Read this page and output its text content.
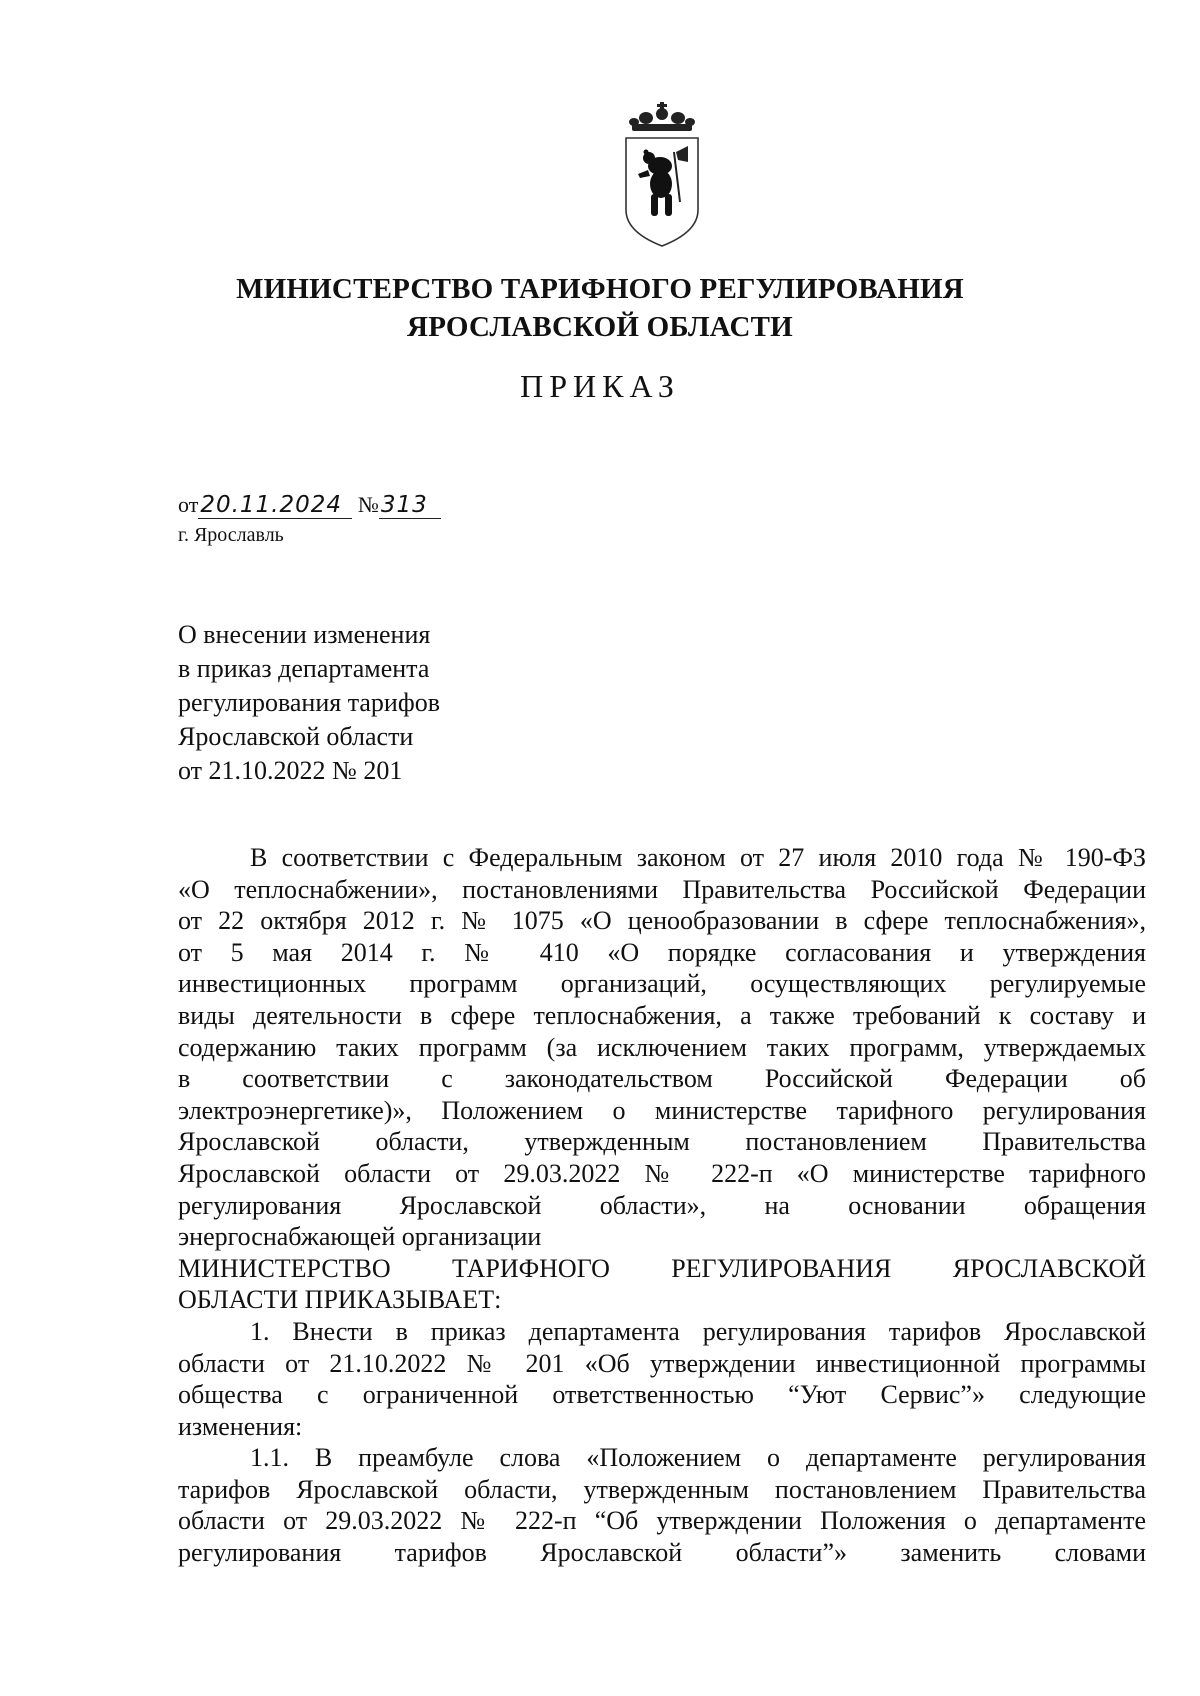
МИНИСТЕРСТВО ТАРИФНОГО РЕГУЛИРОВАНИЯ
ЯРОСЛАВСКОЙ ОБЛАСТИ
ПРИКАЗ
от20.11.2024 №313
г. Ярославль
О внесении изменения
в приказ департамента
регулирования тарифов
Ярославской области
от 21.10.2022 № 201
В соответствии с Федеральным законом от 27 июля 2010 года № 190-ФЗ
«О теплоснабжении», постановлениями Правительства Российской Федерации
от 22 октября 2012 г. № 1075 «О ценообразовании в сфере теплоснабжения»,
от 5 мая 2014 г. № 410 «О порядке согласования и утверждения
инвестиционных программ организаций, осуществляющих регулируемые
виды деятельности в сфере теплоснабжения, а также требований к составу и
содержанию таких программ (за исключением таких программ, утверждаемых
в соответствии с законодательством Российской Федерации об
электроэнергетике)», Положением о министерстве тарифного регулирования
Ярославской области, утвержденным постановлением Правительства
Ярославской области от 29.03.2022 № 222-п «О министерстве тарифного
регулирования Ярославской области», на основании обращения
энергоснабжающей организации
МИНИСТЕРСТВО ТАРИФНОГО РЕГУЛИРОВАНИЯ ЯРОСЛАВСКОЙ
ОБЛАСТИ ПРИКАЗЫВАЕТ:
1. Внести в приказ департамента регулирования тарифов Ярославской
области от 21.10.2022 № 201 «Об утверждении инвестиционной программы
общества с ограниченной ответственностью “Уют Сервис”» следующие
изменения:
1.1. В преамбуле слова «Положением о департаменте регулирования
тарифов Ярославской области, утвержденным постановлением Правительства
области от 29.03.2022 № 222-п “Об утверждении Положения о департаменте
регулирования тарифов Ярославской области”» заменить словами
